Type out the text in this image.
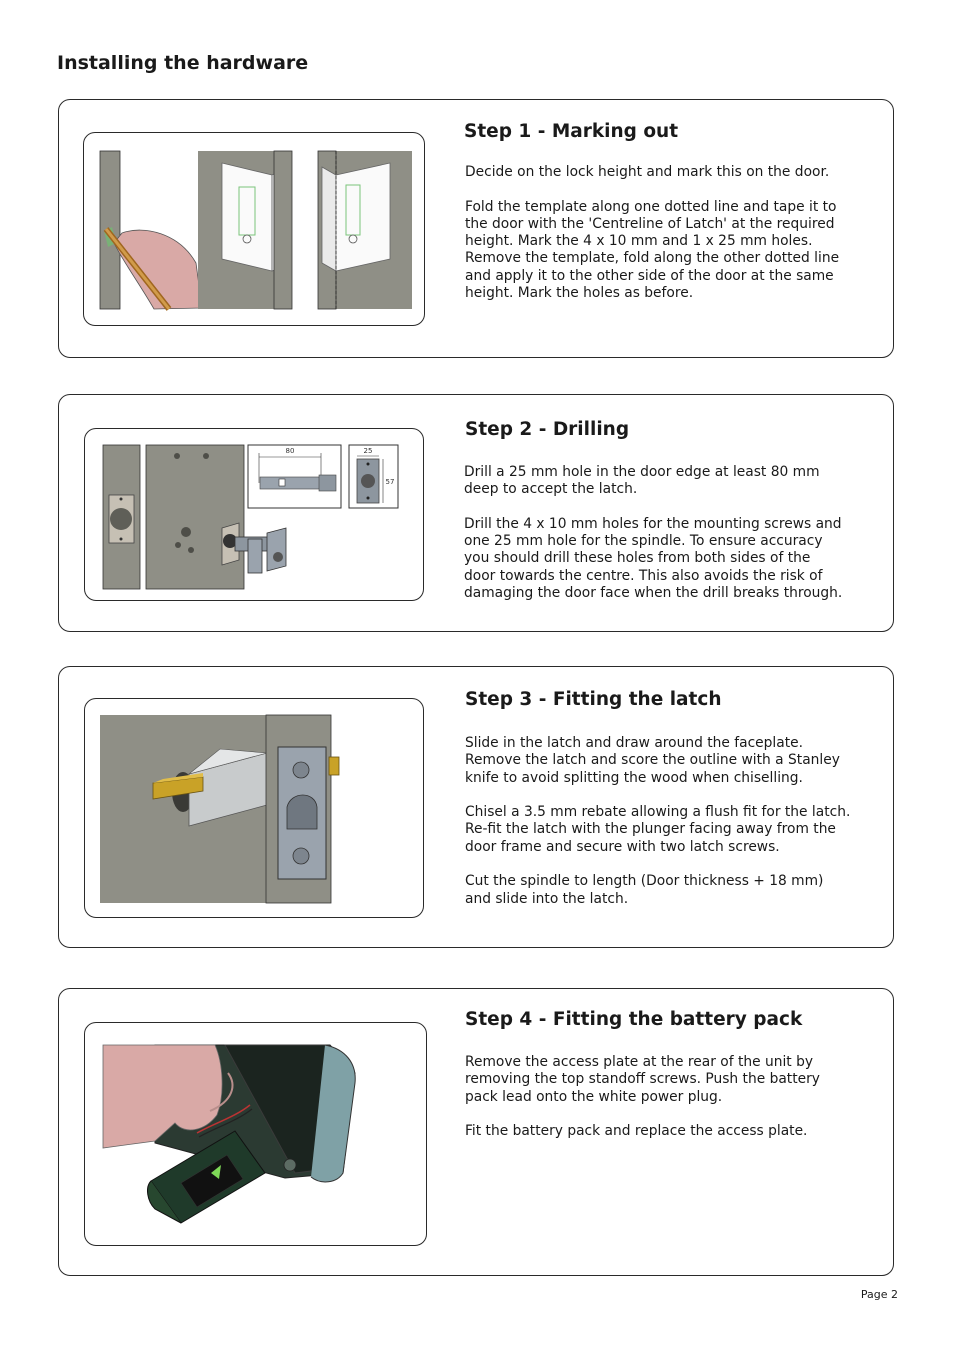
Installing the hardware
Step 1 - Marking out

Decide on the lock height and mark this on the door.

Fold the template along one dotted line and tape it to
the door with the 'Centreline of Latch' at the required
height. Mark the 4 x 10 mm and 1 x 25 mm holes.
Remove the template, fold along the other dotted line
and apply it to the other side of the door at the same
height. Mark the holes as before.

80	25
57
Step 2 - Drilling

Drill a 25 mm hole in the door edge at least 80 mm
deep to accept the latch.

Drill the 4 x 10 mm holes for the mounting screws and
one 25 mm hole for the spindle. To ensure accuracy
you should drill these holes from both sides of the
door towards the centre. This also avoids the risk of
damaging the door face when the drill breaks through.

Step 3 - Fitting the latch

Slide in the latch and draw around the faceplate.
Remove the latch and score the outline with a Stanley
knife to avoid splitting the wood when chiselling.

Chisel a 3.5 mm rebate allowing a flush fit for the latch.
Re-fit the latch with the plunger facing away from the
door frame and secure with two latch screws.

Cut the spindle to length (Door thickness + 18 mm)
and slide into the latch.

Step 4 - Fitting the battery pack

Remove the access plate at the rear of the unit by
removing the top standoff screws. Push the battery
pack lead onto the white power plug.

Fit the battery pack and replace the access plate.

Page 2
